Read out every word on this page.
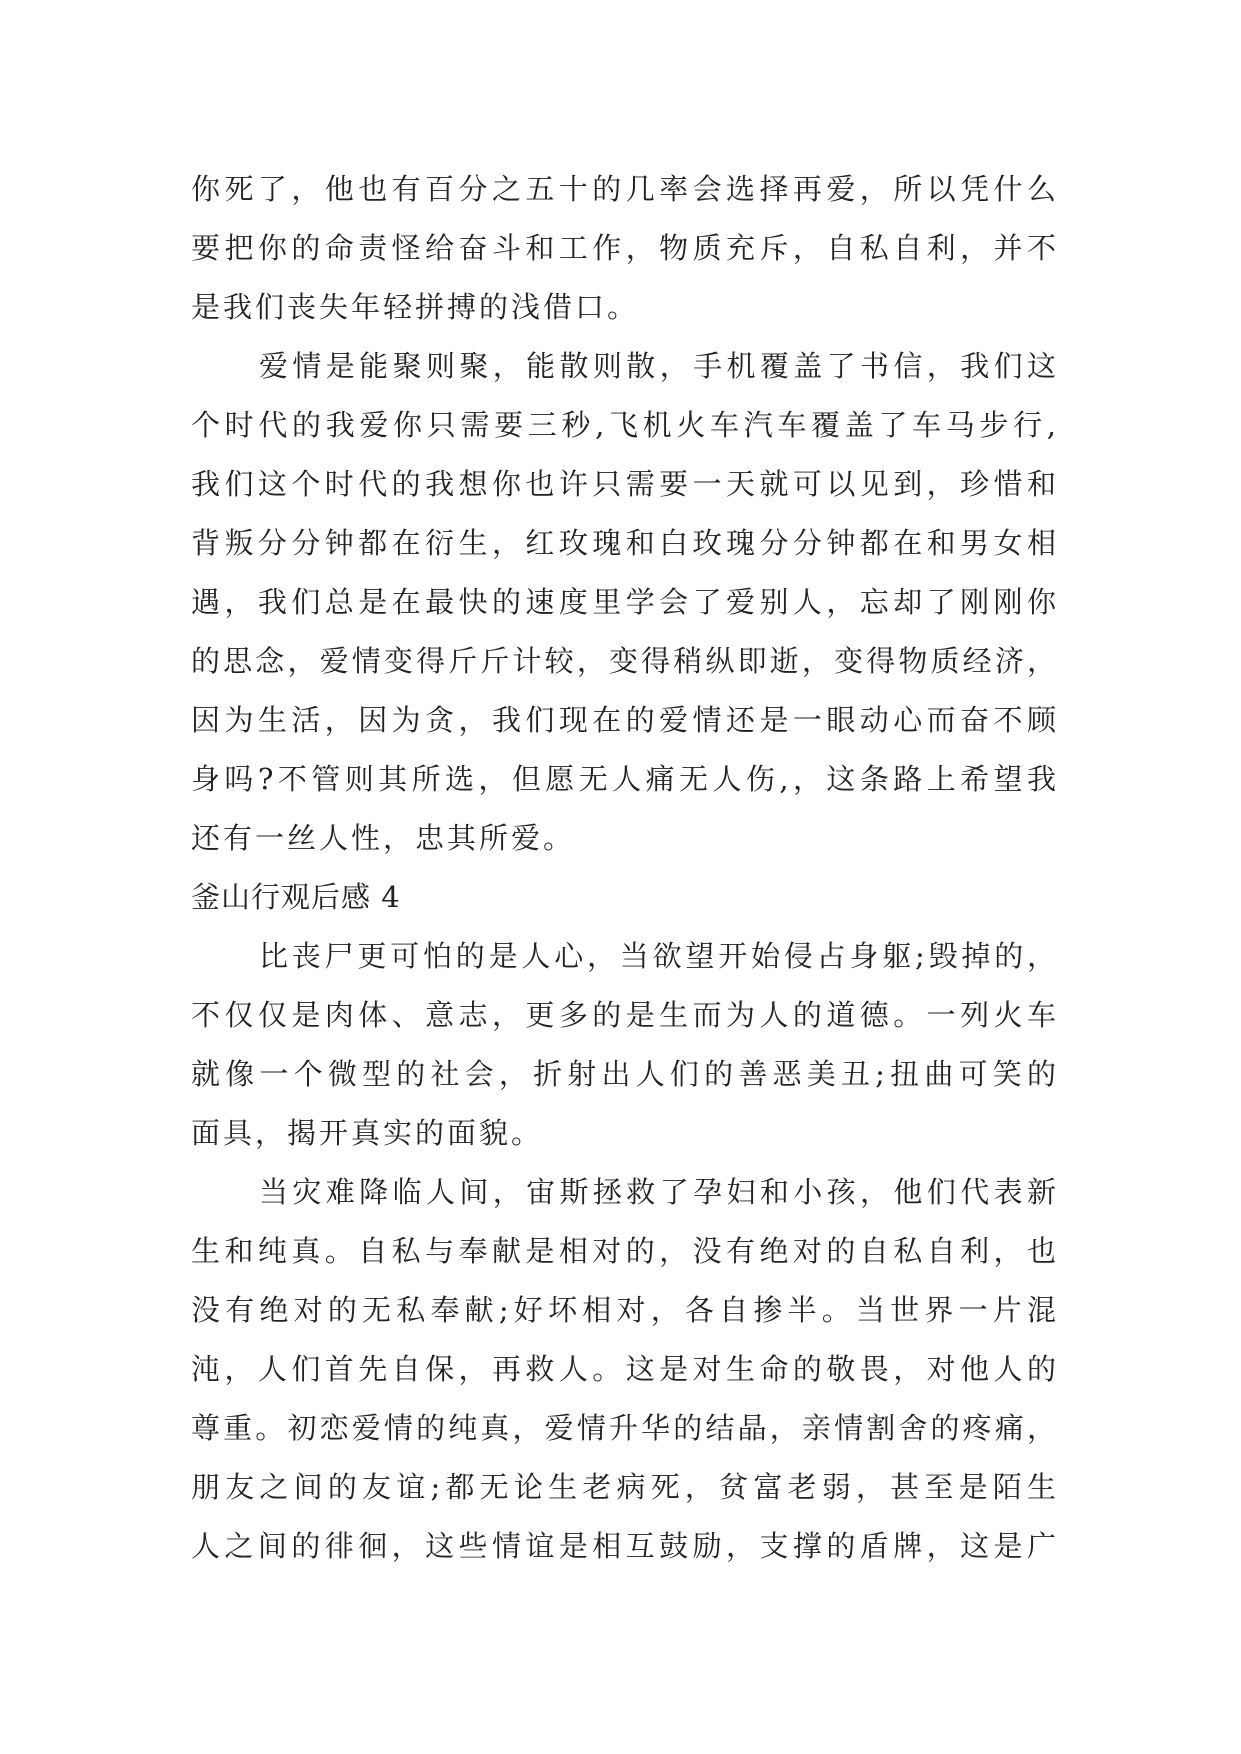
你死了，他也有百分之五十的几率会选择再爱，所以凭什么
要把你的命责怪给奋斗和工作，物质充斥，自私自利，并不
是我们丧失年轻拼搏的浅借口。
爱情是能聚则聚，能散则散，手机覆盖了书信，我们这
个时代的我爱你只需要三秒,飞机火车汽车覆盖了车马步行,
我们这个时代的我想你也许只需要一天就可以见到，珍惜和
背叛分分钟都在衍生，红玫瑰和白玫瑰分分钟都在和男女相
遇，我们总是在最快的速度里学会了爱别人，忘却了刚刚你
的思念，爱情变得斤斤计较，变得稍纵即逝，变得物质经济，
因为生活，因为贪，我们现在的爱情还是一眼动心而奋不顾
身吗?不管则其所选，但愿无人痛无人伤,，这条路上希望我
还有一丝人性，忠其所爱。
釜山行观后感 4
比丧尸更可怕的是人心，当欲望开始侵占身躯;毁掉的，
不仅仅是肉体、意志，更多的是生而为人的道德。一列火车
就像一个微型的社会，折射出人们的善恶美丑;扭曲可笑的
面具，揭开真实的面貌。
当灾难降临人间，宙斯拯救了孕妇和小孩，他们代表新
生和纯真。自私与奉献是相对的，没有绝对的自私自利，也
没有绝对的无私奉献;好坏相对，各自掺半。当世界一片混
沌，人们首先自保，再救人。这是对生命的敬畏，对他人的
尊重。初恋爱情的纯真，爱情升华的结晶，亲情割舍的疼痛，
朋友之间的友谊;都无论生老病死，贫富老弱，甚至是陌生
人之间的徘徊，这些情谊是相互鼓励，支撑的盾牌，这是广
